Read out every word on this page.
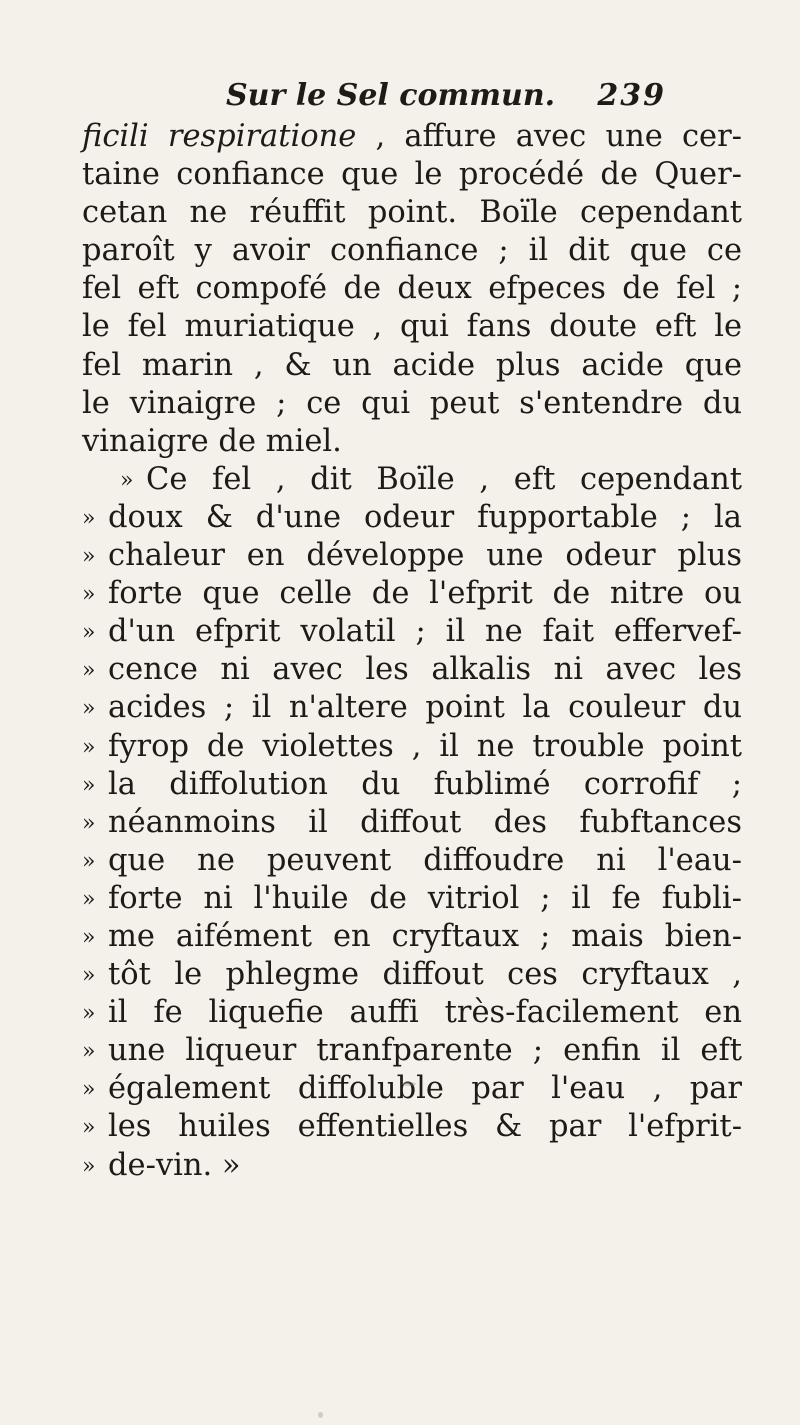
Sur le Sel commun. 239
ficili respiratione , affure avec une cer-
taine confiance que le procédé de Quer-
cetan ne réuffit point. Boïle cependant
paroît y avoir confiance ; il dit que ce
fel eft compofé de deux efpeces de fel ;
le fel muriatique , qui fans doute eft le
fel marin , & un acide plus acide que
le vinaigre ; ce qui peut s'entendre du
vinaigre de miel.
» Ce fel , dit Boïle , eft cependant
» doux & d'une odeur fupportable ; la
» chaleur en développe une odeur plus
» forte que celle de l'efprit de nitre ou
» d'un efprit volatil ; il ne fait effervef-
» cence ni avec les alkalis ni avec les
» acides ; il n'altere point la couleur du
» fyrop de violettes , il ne trouble point
» la diffolution du fublimé corrofif ;
» néanmoins il diffout des fubftances
» que ne peuvent diffoudre ni l'eau-
» forte ni l'huile de vitriol ; il fe fubli-
» me aifément en cryftaux ; mais bien-
» tôt le phlegme diffout ces cryftaux ,
» il fe liquefie auffi très-facilement en
» une liqueur tranfparente ; enfin il eft
» également diffoluble par l'eau , par
» les huiles effentielles & par l'efprit-
» de-vin. »
